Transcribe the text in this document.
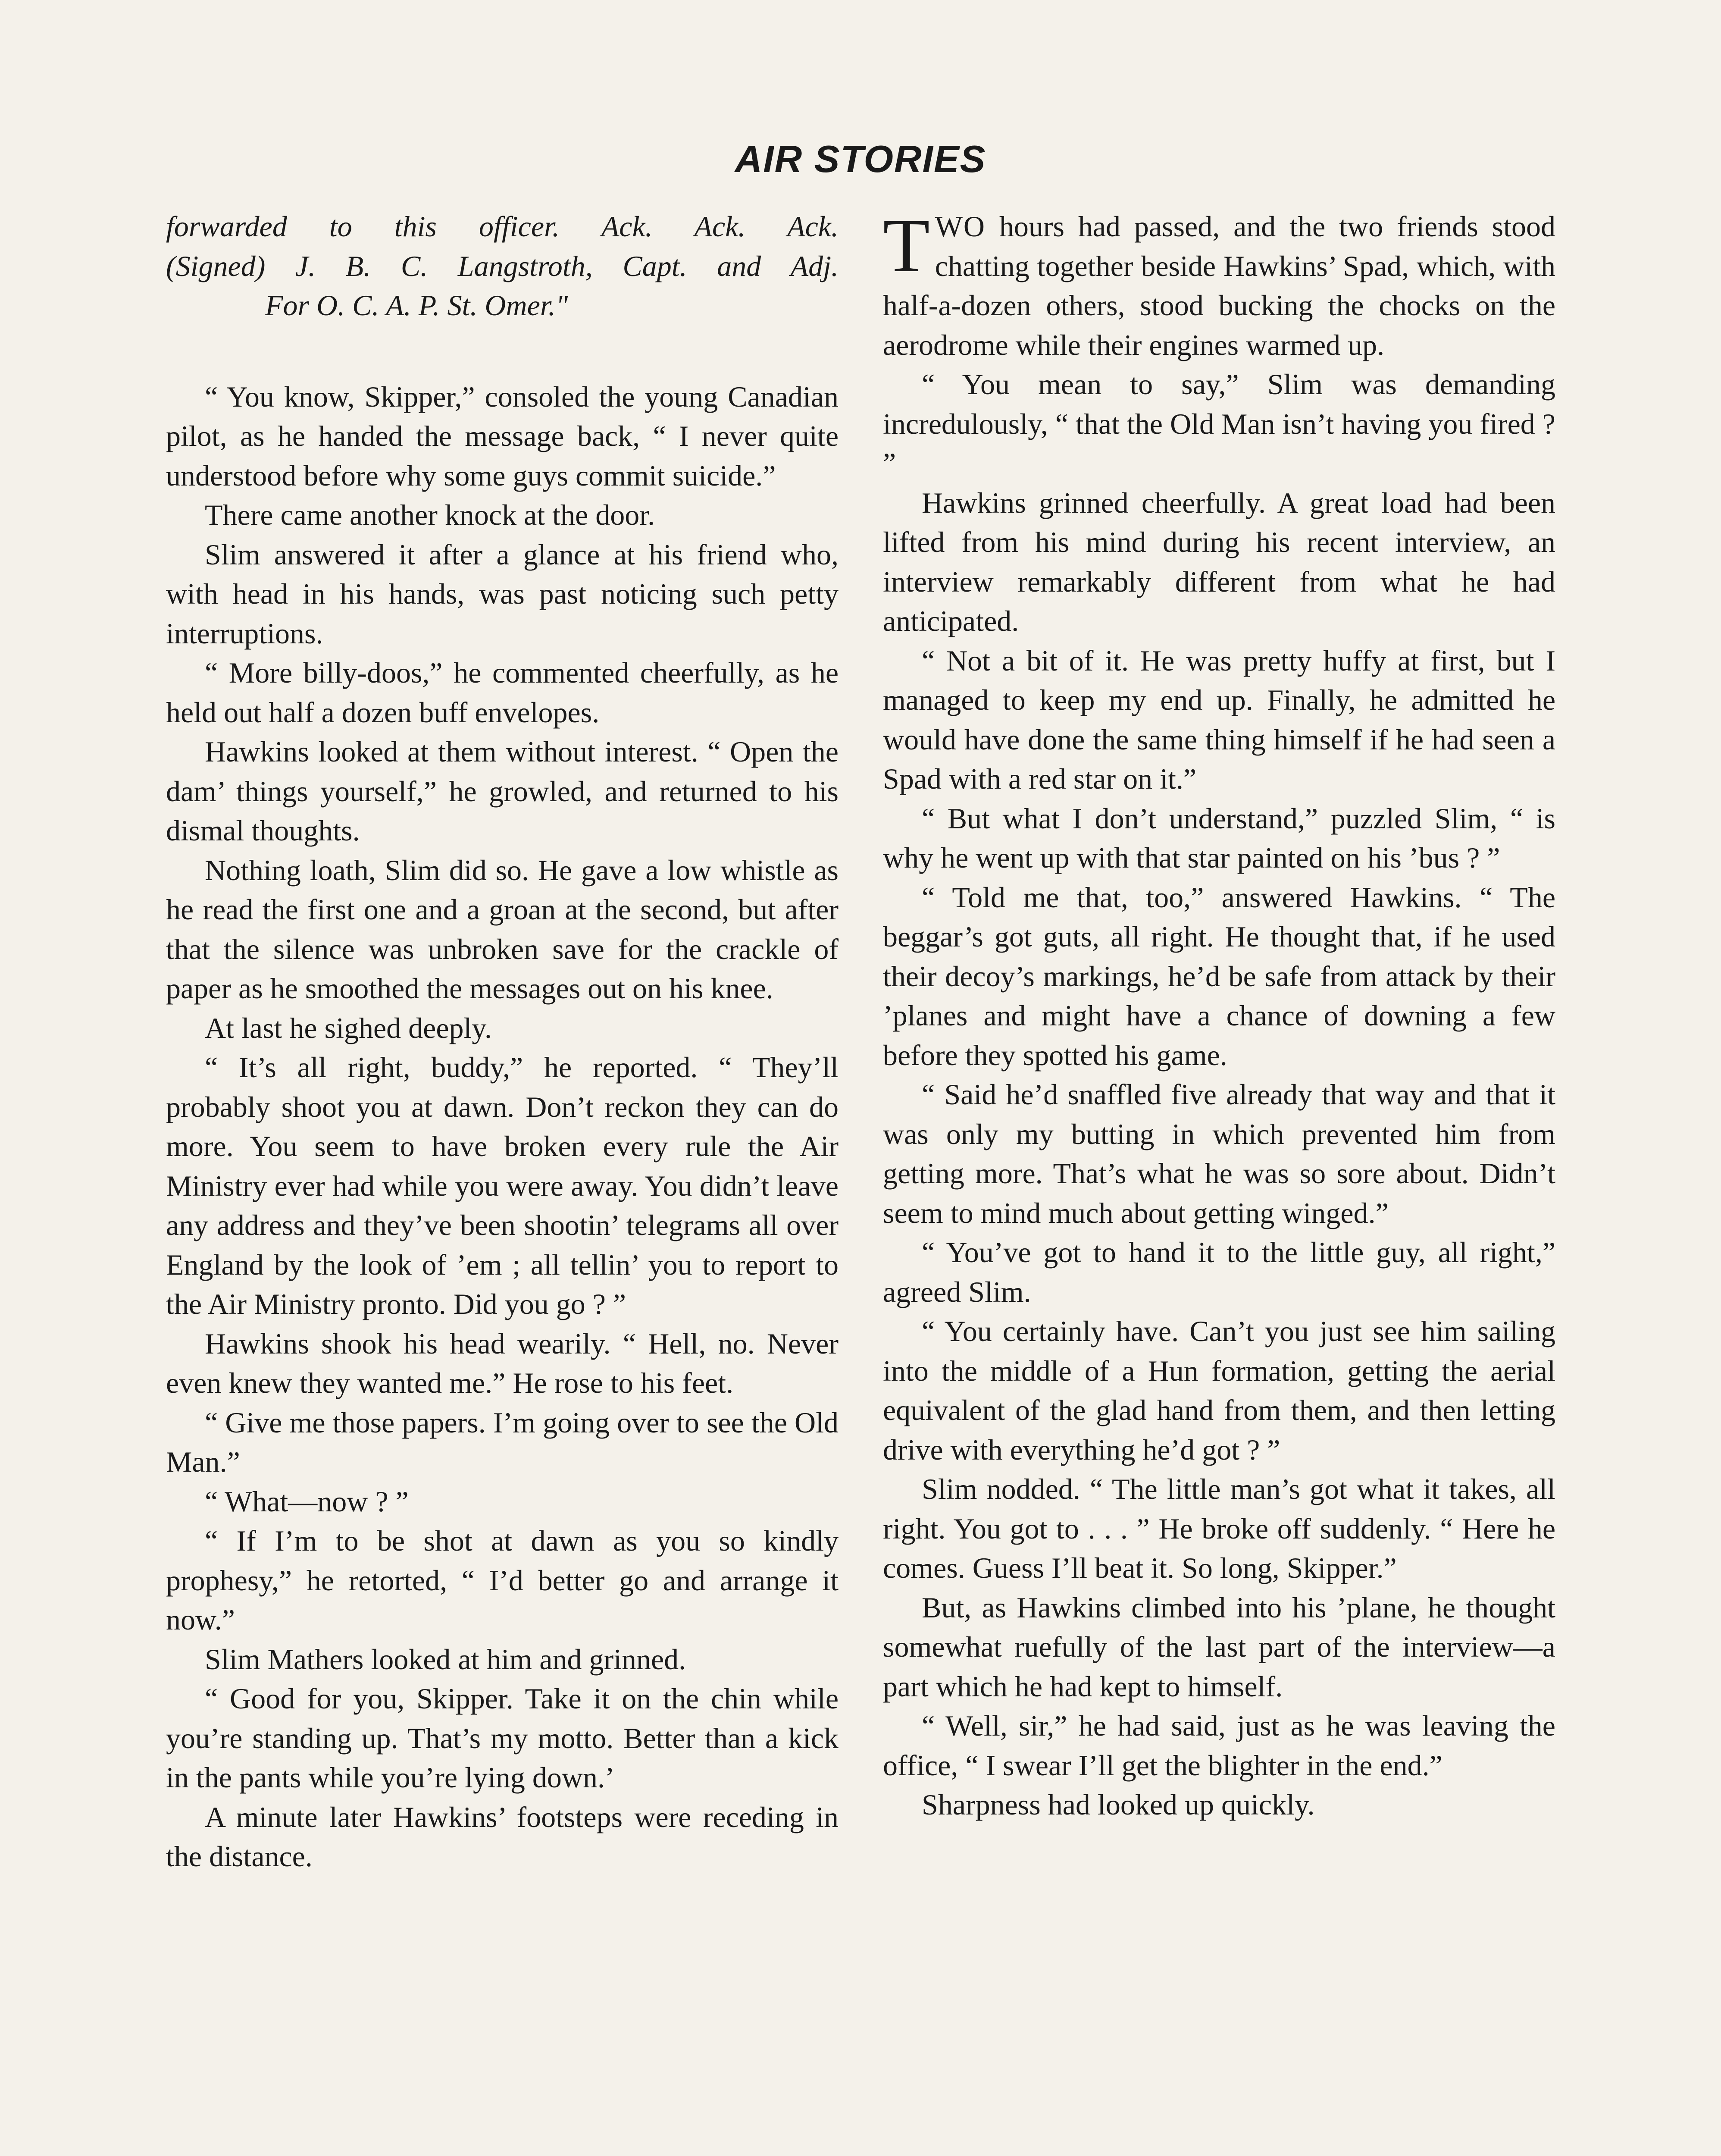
AIR STORIES
forwarded to this officer. Ack. Ack. Ack.
(Signed) J. B. C. Langstroth, Capt. and Adj.
For O. C. A. P. St. Omer."

“ You know, Skipper,” consoled the young Canadian pilot, as he handed the message back, “ I never quite understood before why some guys commit suicide.”

There came another knock at the door.

Slim answered it after a glance at his friend who, with head in his hands, was past noticing such petty interruptions.

“ More billy-doos,” he commented cheerfully, as he held out half a dozen buff envelopes.

Hawkins looked at them without interest. “ Open the dam’ things yourself,” he growled, and returned to his dismal thoughts.

Nothing loath, Slim did so. He gave a low whistle as he read the first one and a groan at the second, but after that the silence was unbroken save for the crackle of paper as he smoothed the messages out on his knee.

At last he sighed deeply.

“ It’s all right, buddy,” he reported. “ They’ll probably shoot you at dawn. Don’t reckon they can do more. You seem to have broken every rule the Air Ministry ever had while you were away. You didn’t leave any address and they’ve been shootin’ telegrams all over England by the look of ’em ; all tellin’ you to report to the Air Ministry pronto. Did you go ? ”

Hawkins shook his head wearily. “ Hell, no. Never even knew they wanted me.” He rose to his feet.

“ Give me those papers. I’m going over to see the Old Man.”

“ What—now ? ”

“ If I’m to be shot at dawn as you so kindly prophesy,” he retorted, “ I’d better go and arrange it now.”

Slim Mathers looked at him and grinned.

“ Good for you, Skipper. Take it on the chin while you’re standing up. That’s my motto. Better than a kick in the pants while you’re lying down.’

A minute later Hawkins’ footsteps were receding in the distance.

TWO hours had passed, and the two friends stood chatting together beside Hawkins’ Spad, which, with half-a-dozen others, stood bucking the chocks on the aerodrome while their engines warmed up.

“ You mean to say,” Slim was demanding incredulously, “ that the Old Man isn’t having you fired ? ”

Hawkins grinned cheerfully. A great load had been lifted from his mind during his recent interview, an interview remarkably different from what he had anticipated.

“ Not a bit of it. He was pretty huffy at first, but I managed to keep my end up. Finally, he admitted he would have done the same thing himself if he had seen a Spad with a red star on it.”

“ But what I don’t understand,” puzzled Slim, “ is why he went up with that star painted on his ’bus ? ”

“ Told me that, too,” answered Hawkins. “ The beggar’s got guts, all right. He thought that, if he used their decoy’s markings, he’d be safe from attack by their ’planes and might have a chance of downing a few before they spotted his game.

“ Said he’d snaffled five already that way and that it was only my butting in which prevented him from getting more. That’s what he was so sore about. Didn’t seem to mind much about getting winged.”

“ You’ve got to hand it to the little guy, all right,” agreed Slim.

“ You certainly have. Can’t you just see him sailing into the middle of a Hun formation, getting the aerial equivalent of the glad hand from them, and then letting drive with everything he’d got ? ”

Slim nodded. “ The little man’s got what it takes, all right. You got to . . . ” He broke off suddenly. “ Here he comes. Guess I’ll beat it. So long, Skipper.”

But, as Hawkins climbed into his ’plane, he thought somewhat ruefully of the last part of the interview—a part which he had kept to himself.

“ Well, sir,” he had said, just as he was leaving the office, “ I swear I’ll get the blighter in the end.”

Sharpness had looked up quickly.
